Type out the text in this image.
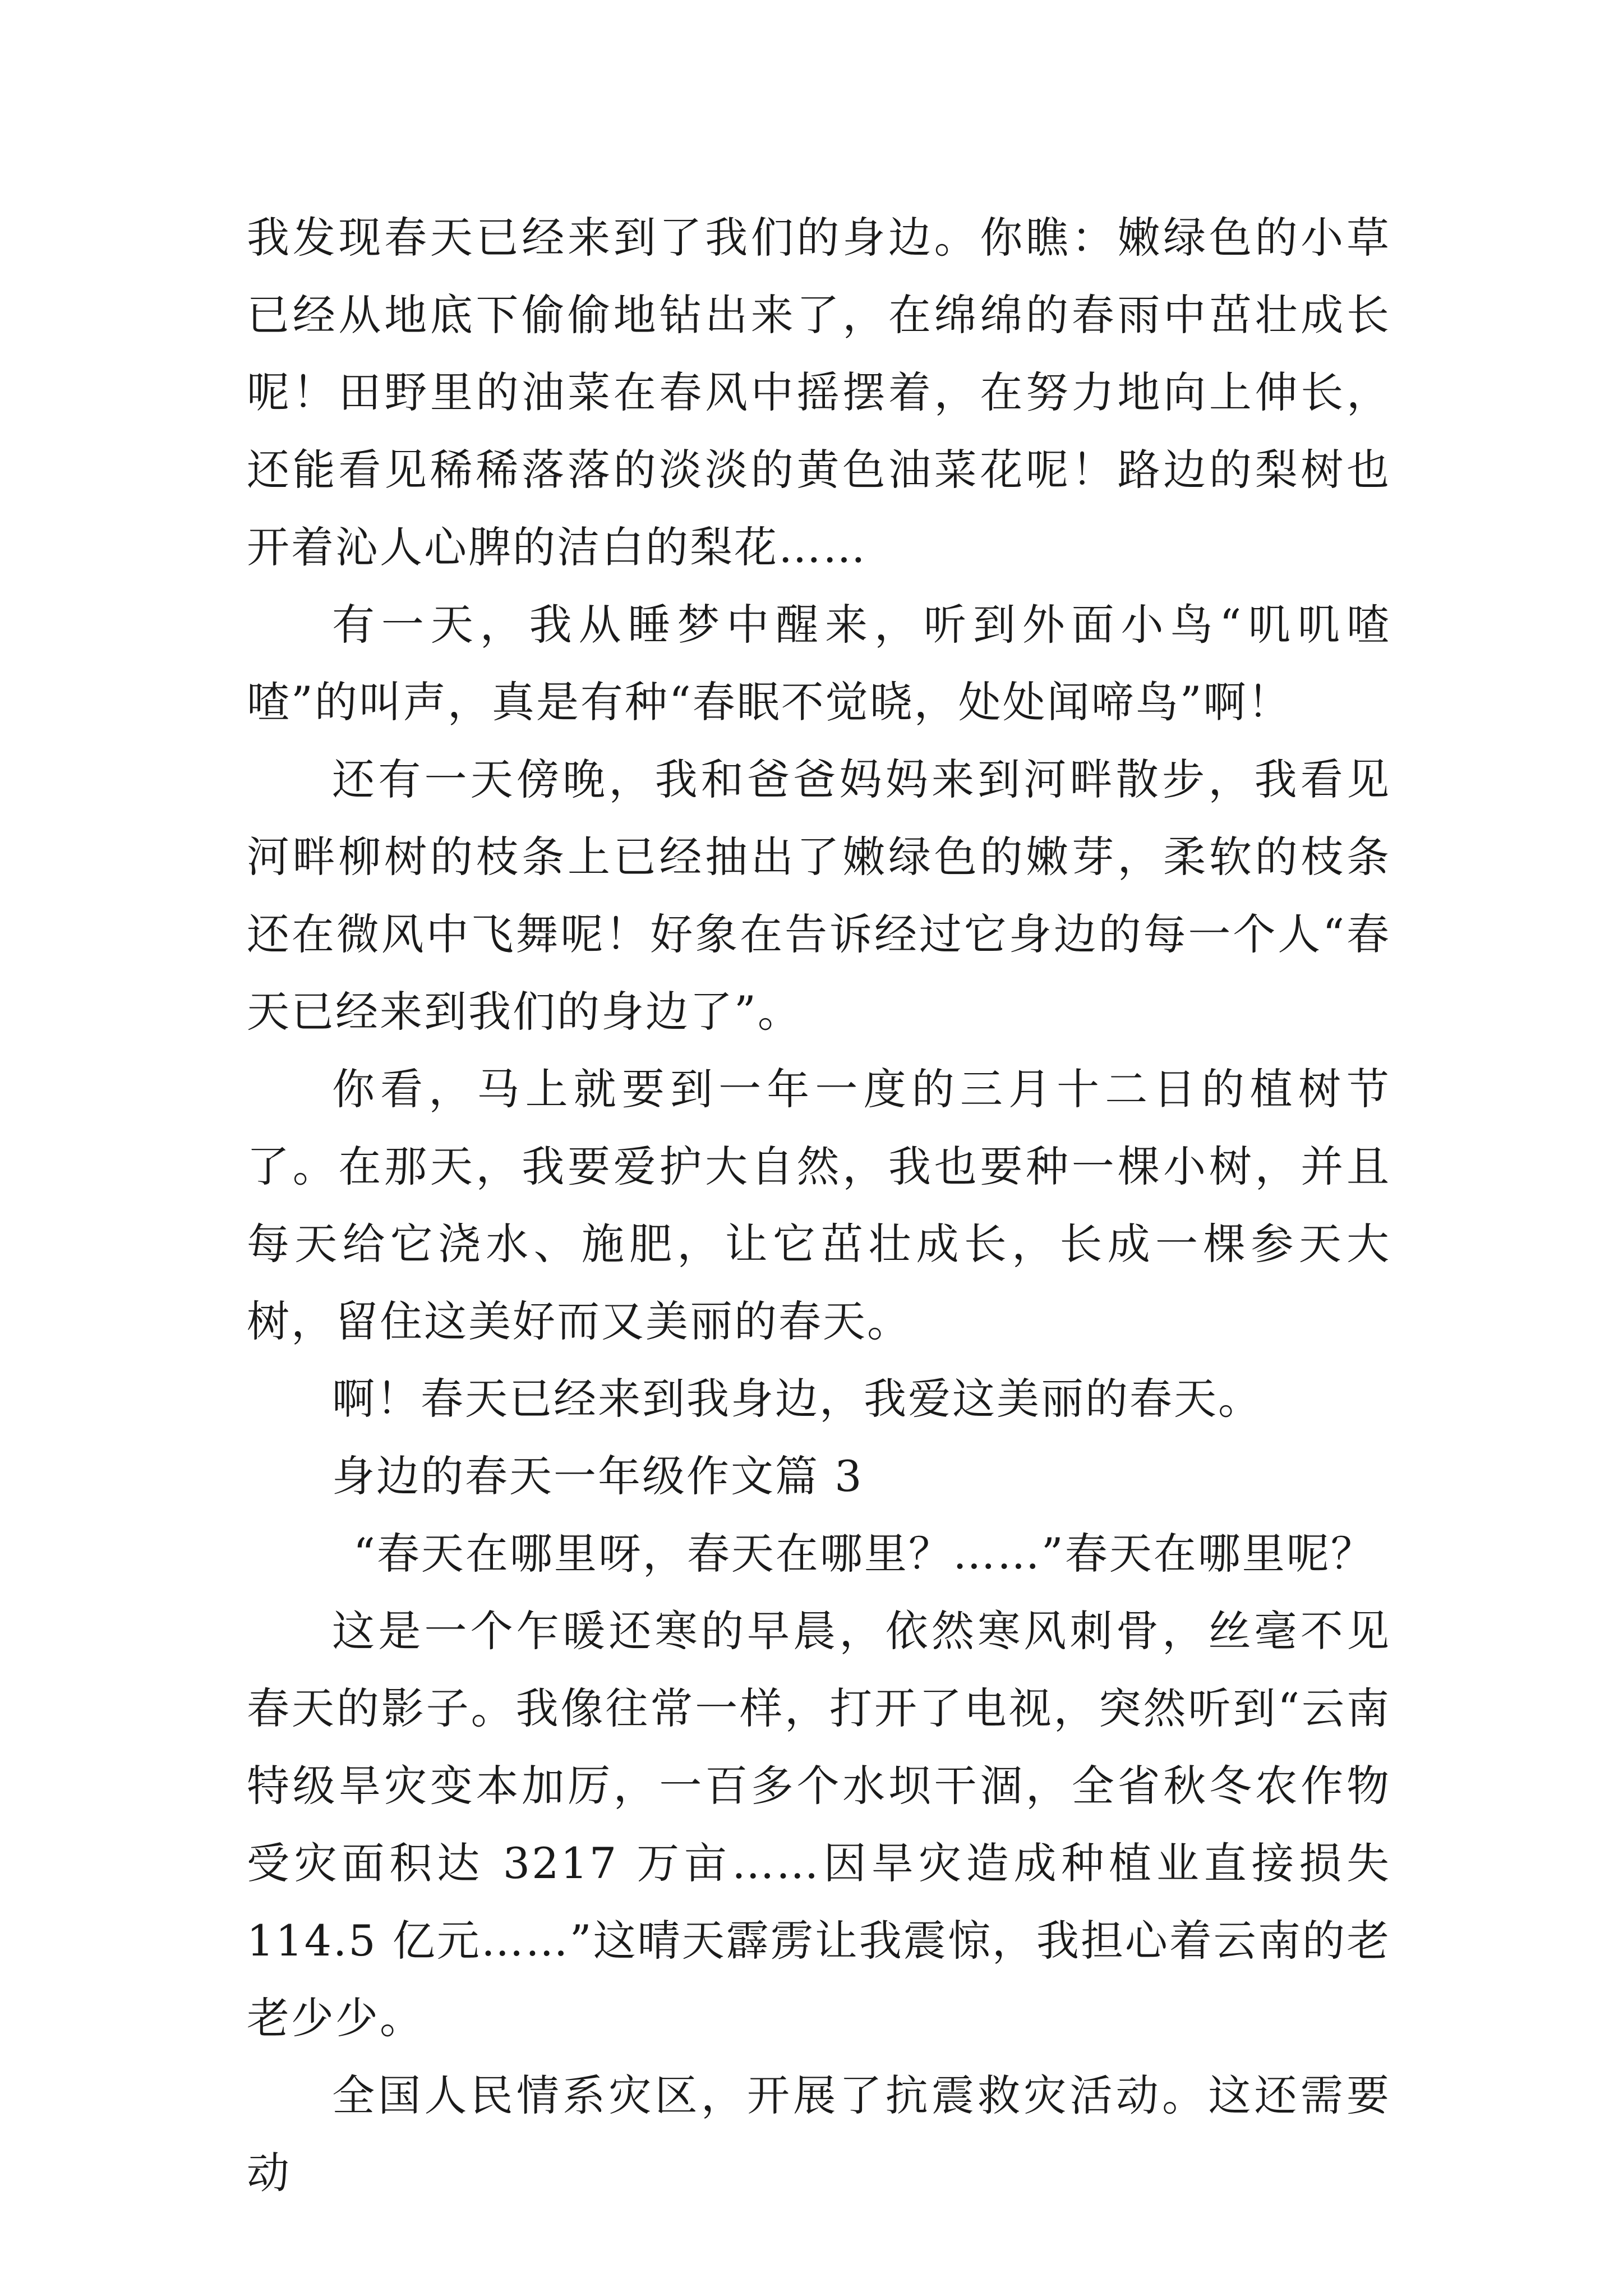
我发现春天已经来到了我们的身边。你瞧：嫩绿色的小草已经从地底下偷偷地钻出来了，在绵绵的春雨中茁壮成长呢！田野里的油菜在春风中摇摆着，在努力地向上伸长，还能看见稀稀落落的淡淡的黄色油菜花呢！路边的梨树也开着沁人心脾的洁白的梨花……

有一天，我从睡梦中醒来，听到外面小鸟“叽叽喳喳”的叫声，真是有种“春眠不觉晓，处处闻啼鸟”啊！

还有一天傍晚，我和爸爸妈妈来到河畔散步，我看见河畔柳树的枝条上已经抽出了嫩绿色的嫩芽，柔软的枝条还在微风中飞舞呢！好象在告诉经过它身边的每一个人“春天已经来到我们的身边了”。

你看，马上就要到一年一度的三月十二日的植树节了。在那天，我要爱护大自然，我也要种一棵小树，并且每天给它浇水、施肥，让它茁壮成长，长成一棵参天大树，留住这美好而又美丽的春天。

啊！春天已经来到我身边，我爱这美丽的春天。

身边的春天一年级作文篇 3

“春天在哪里呀，春天在哪里？……”春天在哪里呢？

这是一个乍暖还寒的早晨，依然寒风刺骨，丝毫不见春天的影子。我像往常一样，打开了电视，突然听到“云南特级旱灾变本加厉，一百多个水坝干涸，全省秋冬农作物受灾面积达 3217 万亩……因旱灾造成种植业直接损失 114.5 亿元……”这晴天霹雳让我震惊，我担心着云南的老老少少。

全国人民情系灾区，开展了抗震救灾活动。这还需要动
